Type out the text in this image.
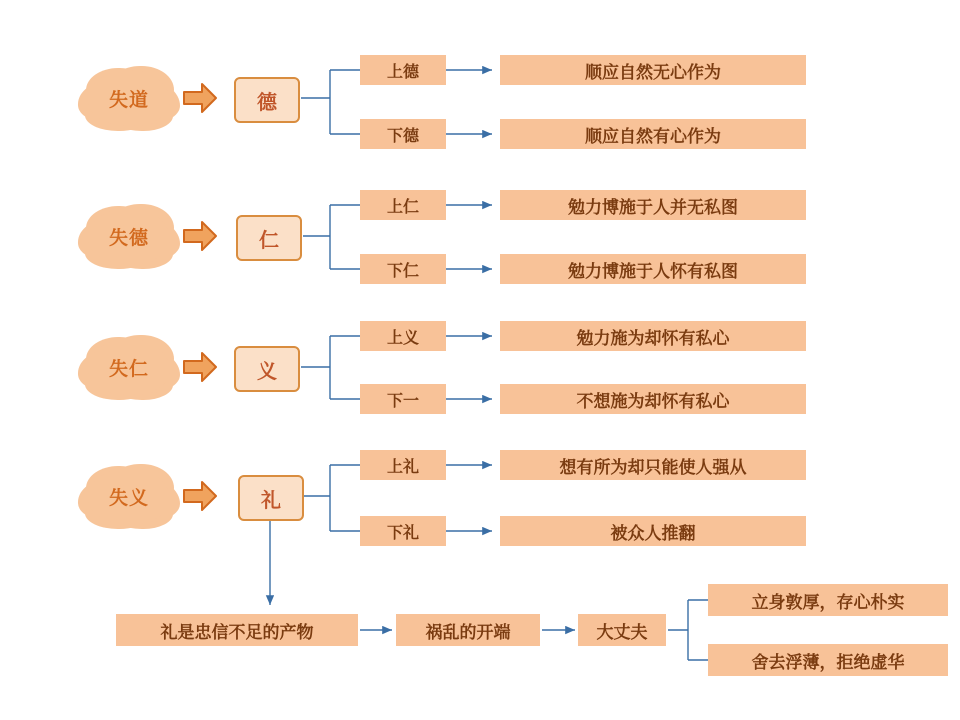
失道	德
上德
下德
顺应自然无心作为
顺应自然有心作为
失德	仁
上仁
下仁
勉力博施于人并无私图
勉力博施于人怀有私图
失仁	义
上义
下一
勉力施为却怀有私心
不想施为却怀有私心
失义	礼
上礼
下礼
想有所为却只能使人强从
被众人推翻
礼是忠信不足的产物	祸乱的开端	大丈夫
立身敦厚，存心朴实
舍去浮薄，拒绝虚华
